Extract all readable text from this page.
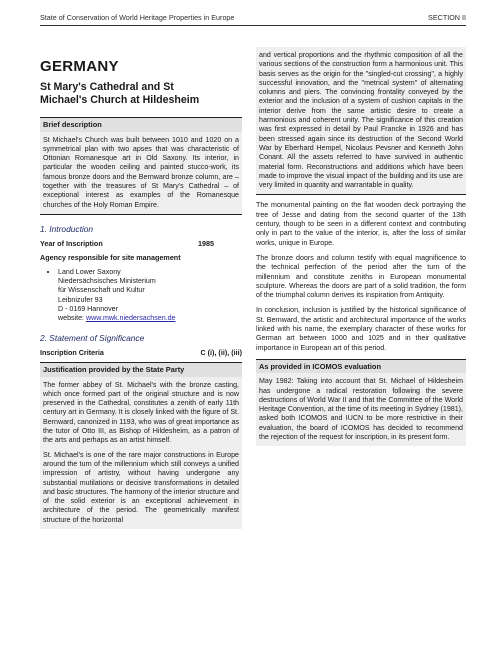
State of Conservation of World Heritage Properties in Europe	SECTION II
GERMANY
St Mary's Cathedral and St
Michael's Church at Hildesheim
Brief description

St Michael's Church was built between 1010 and 1020 on a symmetrical plan with two apses that was characteristic of Ottonian Romanesque art in Old Saxony. Its interior, in particular the wooden ceiling and painted stucco-work, its famous bronze doors and the Bernward bronze column, are – together with the treasures of St Mary's Cathedral – of exceptional interest as examples of the Romanesque churches of the Holy Roman Empire.

1. Introduction
Year of Inscription	1985
Agency responsible for site management
• Land Lower Saxony
Niedersächsisches Ministerium
für Wissenschaft und Kultur
Leibnizufer 93
D - 0169 Hannover
website: www.mwk.niedersachsen.de
2. Statement of Significance
Inscription Criteria	C (i), (ii), (iii)
Justification provided by the State Party

The former abbey of St. Michael's with the bronze casting, which once formed part of the original structure and is now preserved in the Cathedral, constitutes a zenith of early 11th century art in Germany. It is closely linked with the figure of St. Bernward, canonized in 1193, who was of great importance as the tutor of Otto III, as Bishop of Hildesheim, as a patron of the arts and perhaps as an artist himself.

St. Michael's is one of the rare major constructions in Europe around the turn of the millennium which still conveys a unified impression of artistry, without having undergone any substantial mutilations or decisive transformations in detailed and basic structures. The harmony of the interior structure and of the solid exterior is an exceptional achievement in architecture of the period. The geometrically manifest structure of the horizontal

and vertical proportions and the rhythmic composition of all the various sections of the construction form a harmonious unit. This basis serves as the origin for the "singled-cut crossing", a highly successful innovation, and the "metrical system" of alternating columns and piers. The convincing frontality conveyed by the exterior and the inclusion of a system of cushion capitals in the interior derive from the same artistic desire to create a harmonious and coherent unity. The significance of this creation was first expressed in detail by Paul Francke in 1926 and has been stressed again since its destruction of the Second World War by Eberhard Hempel, Nicolaus Pevsner and Kenneth John Conant. All the assets referred to have survived in authentic material form. Reconstructions and additions which have been made to improve the visual impact of the building and its use are very limited in quantity and warrantable in quality.

The monumental painting on the flat wooden deck portraying the tree of Jesse and dating from the second quarter of the 13th century, though to be seen in a different context and contributing only in part to the value of the interior, is, after the loss of similar works, unique in Europe.

The bronze doors and column testify with equal magnificence to the technical perfection of the period after the turn of the millennium and constitute zeniths in European monumental sculpture. Whereas the doors are part of a solid tradition, the form of the triumphal column derives its inspiration from Antiquity.

In conclusion, inclusion is justified by the historical significance of St. Bernward, the artistic and architectural importance of the works linked with his name, the exemplary character of these works for German art between 1000 and 1025 and in their qualitative importance in European art of this period.

As provided in ICOMOS evaluation

May 1982: Taking into account that St. Michael of Hildesheim has undergone a radical restoration following the severe destructions of World War II and that the Committee of the World Heritage Convention, at the time of its meeting in Sydney (1981), asked both ICOMOS and IUCN to be more restrictive in their evaluation, the board of ICOMOS has decided to recommend the rejection of the request for inscription, in its present form.
